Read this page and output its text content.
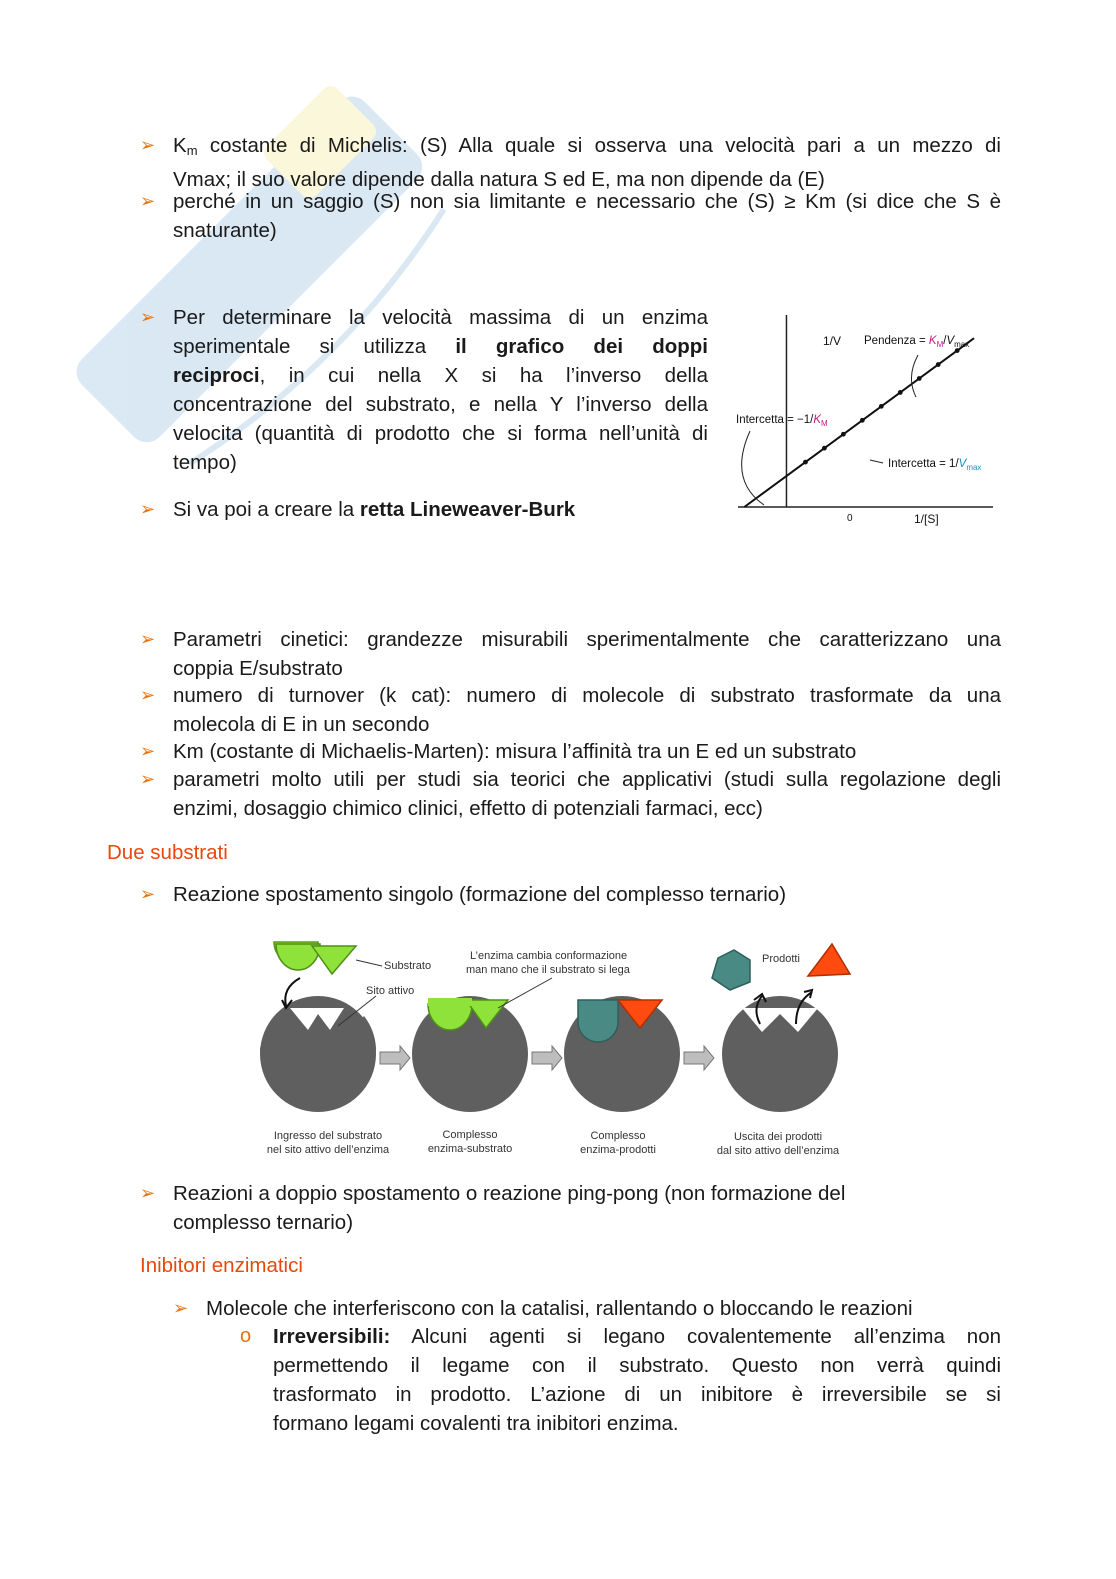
➢ $K_m$ costante di Michelis: (S) Alla quale si osserva una velocità pari a un mezzo di
Vmax; il suo valore dipende dalla natura S ed E, ma non dipende da (E)
➢ perché in un saggio (S) non sia limitante e necessario che (S) ≥ Km (si dice che S è
snaturante)
➢ Per determinare la velocità massima di un enzima
sperimentale si utilizza il grafico dei doppi
reciproci, in cui nella X si ha l’inverso della
concentrazione del substrato, e nella Y l’inverso della
velocita (quantità di prodotto che si forma nell’unità di
tempo)
➢ Si va poi a creare la retta Lineweaver-Burk
1/V
1/[S]
0
Pendenza = $K_M/V_{max}$
Intercetta = $-1/K_M$
Intercetta = $1/V_{max}$
➢ Parametri cinetici: grandezze misurabili sperimentalmente che caratterizzano una
coppia E/substrato
➢ numero di turnover (k cat): numero di molecole di substrato trasformate da una
molecola di E in un secondo
➢ Km (costante di Michaelis-Marten): misura l’affinità tra un E ed un substrato
➢ parametri molto utili per studi sia teorici che applicativi (studi sulla regolazione degli
enzimi, dosaggio chimico clinici, effetto di potenziali farmaci, ecc)
Due substrati
➢ Reazione spostamento singolo (formazione del complesso ternario)
Substrato
Sito attivo
L’enzima cambia conformazione
man mano che il substrato si lega
Prodotti
Ingresso del substrato
nel sito attivo dell’enzima
Complesso
enzima-substrato
Complesso
enzima-prodotti
Uscita dei prodotti
dal sito attivo dell’enzima
➢ Reazioni a doppio spostamento o reazione ping-pong (non formazione del
complesso ternario)
Inibitori enzimatici
➢ Molecole che interferiscono con la catalisi, rallentando o bloccando le reazioni
o Irreversibili: Alcuni agenti si legano covalentemente all’enzima non
permettendo il legame con il substrato. Questo non verrà quindi
trasformato in prodotto. L’azione di un inibitore è irreversibile se si
formano legami covalenti tra inibitori enzima.
